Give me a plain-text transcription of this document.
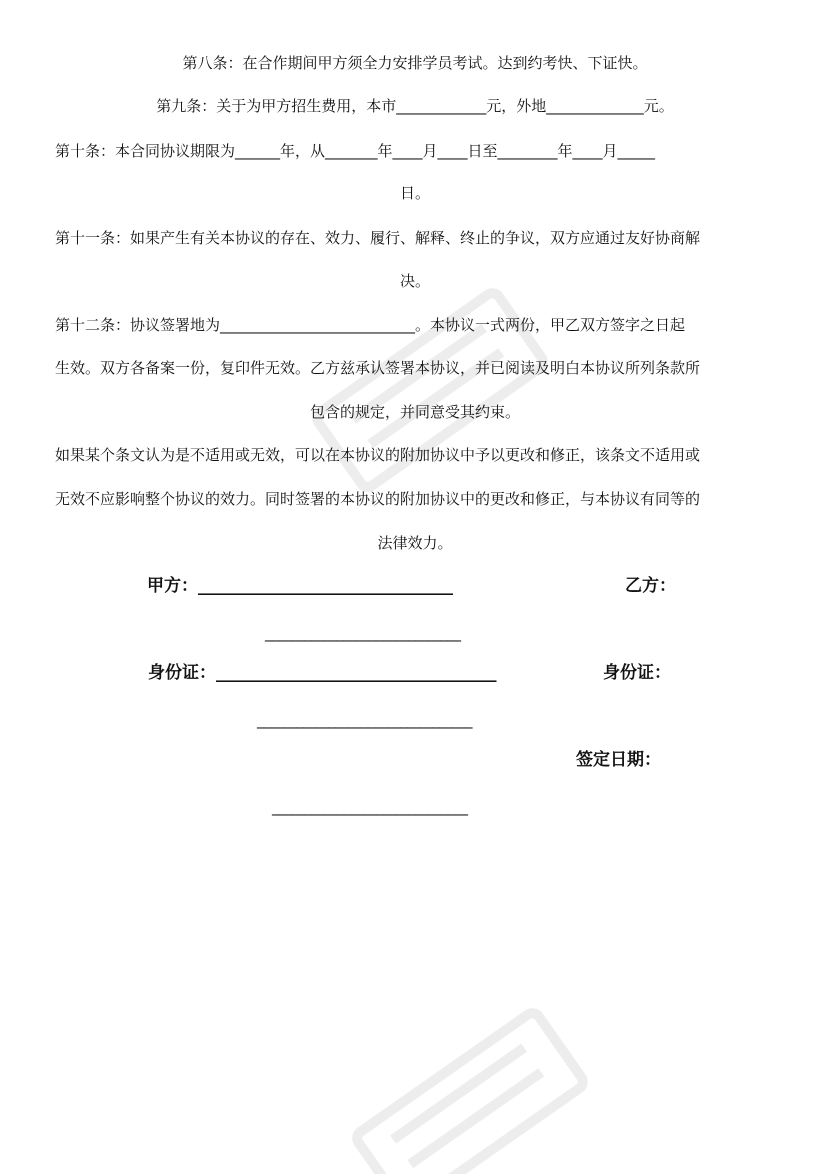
第八条：在合作期间甲方须全力安排学员考试。达到约考快、下证快。
第九条：关于为甲方招生费用，本市____________元，外地_____________元。
第十条：本合同协议期限为______年，从_______年____月____日至________年____月_____
日。
第十一条：如果产生有关本协议的存在、效力、履行、解释、终止的争议，双方应通过友好协商解
决。
第十二条：协议签署地为__________________________。本协议一式两份，甲乙双方签字之日起
生效。双方各备案一份，复印件无效。乙方兹承认签署本协议，并已阅读及明白本协议所列条款所
包含的规定，并同意受其约束。
如果某个条文认为是不适用或无效，可以在本协议的附加协议中予以更改和修正，该条文不适用或
无效不应影响整个协议的效力。同时签署的本协议的附加协议中的更改和修正，与本协议有同等的
法律效力。
甲方：______________________________	乙方：
______________________________
身份证：_________________________________	身份证：
_________________________________
签定日期：
______________________________
